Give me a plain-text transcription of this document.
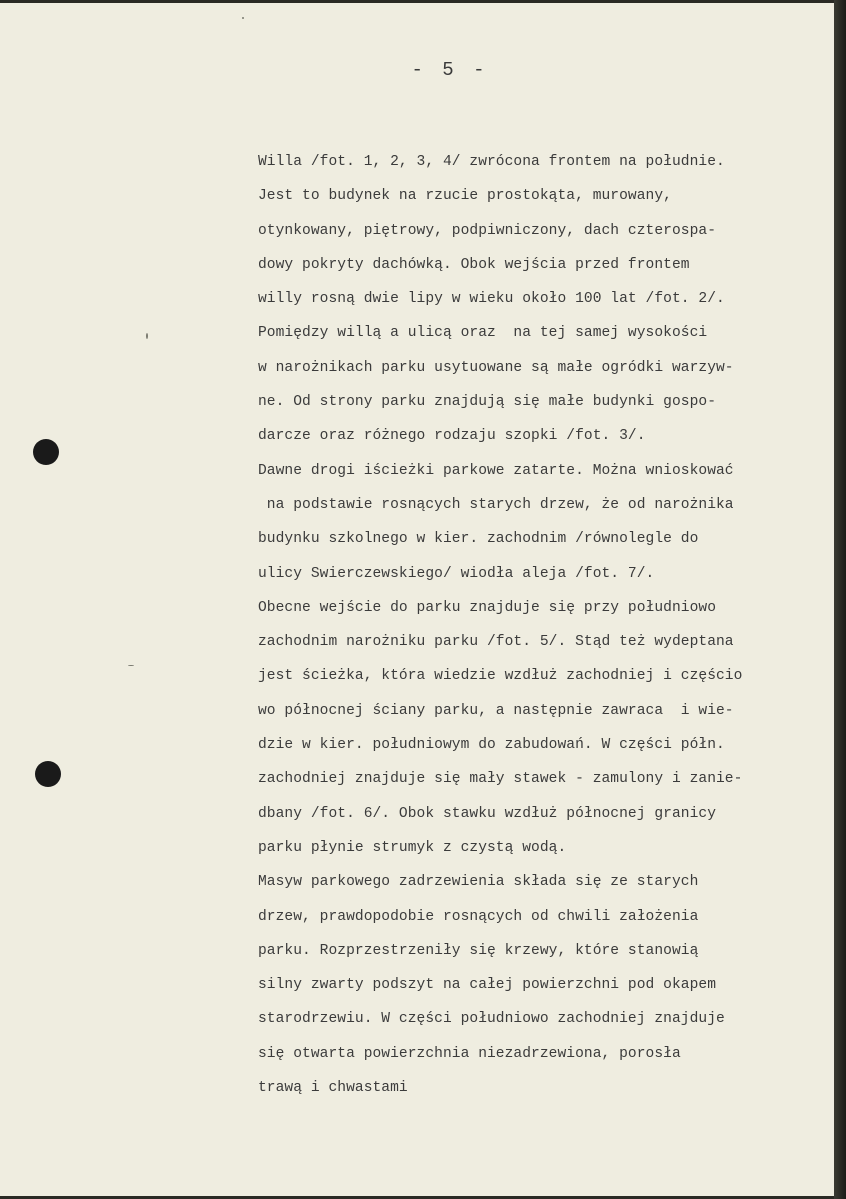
- 5 -
Willa /fot. 1, 2, 3, 4/ zwrócona frontem na południe.
Jest to budynek na rzucie prostokąta, murowany,
otynkowany, piętrowy, podpiwniczony, dach czterospa-
dowy pokryty dachówką. Obok wejścia przed frontem
willy rosną dwie lipy w wieku około 100 lat /fot. 2/.
Pomiędzy willą a ulicą oraz  na tej samej wysokości
w narożnikach parku usytuowane są małe ogródki warzyw-
ne. Od strony parku znajdują się małe budynki gospo-
darcze oraz różnego rodzaju szopki /fot. 3/.
Dawne drogi iścieżki parkowe zatarte. Można wnioskować
na podstawie rosnących starych drzew, że od narożnika
budynku szkolnego w kier. zachodnim /równolegle do
ulicy Swierczewskiego/ wiodła aleja /fot. 7/.
Obecne wejście do parku znajduje się przy południowo
zachodnim narożniku parku /fot. 5/. Stąd też wydeptana
jest ścieżka, która wiedzie wzdłuż zachodniej i częścio
wo północnej ściany parku, a następnie zawraca  i wie-
dzie w kier. południowym do zabudowań. W części półn.
zachodniej znajduje się mały stawek - zamulony i zanie-
dbany /fot. 6/. Obok stawku wzdłuż północnej granicy
parku płynie strumyk z czystą wodą.
Masyw parkowego zadrzewienia składa się ze starych
drzew, prawdopodobie rosnących od chwili założenia
parku. Rozprzestrzeniły się krzewy, które stanowią
silny zwarty podszyt na całej powierzchni pod okapem
starodrzewiu. W części południowo zachodniej znajduje
się otwarta powierzchnia niezadrzewiona, porosła
trawą i chwastami
